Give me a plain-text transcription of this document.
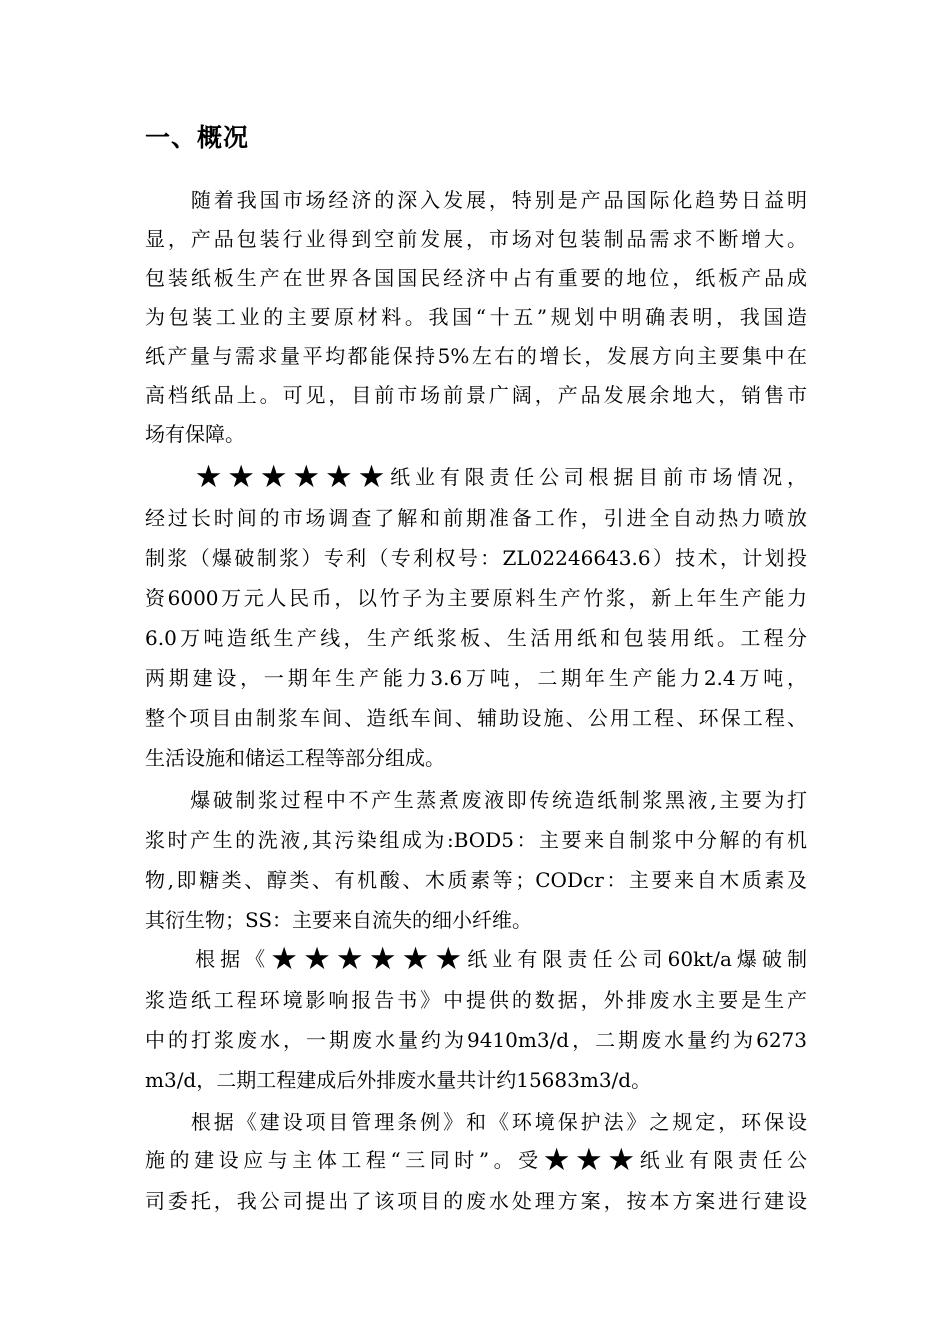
一、概况
　　随着我国市场经济的深入发展，特别是产品国际化趋势日益明
显，产品包装行业得到空前发展，市场对包装制品需求不断增大。
包装纸板生产在世界各国国民经济中占有重要的地位，纸板产品成
为包装工业的主要原材料。我国“十五”规划中明确表明，我国造
纸产量与需求量平均都能保持5%左右的增长，发展方向主要集中在
高档纸品上。可见，目前市场前景广阔，产品发展余地大，销售市
场有保障。
　　★★★★★★纸业有限责任公司根据目前市场情况，
经过长时间的市场调查了解和前期准备工作，引进全自动热力喷放
制浆（爆破制浆）专利（专利权号：ZL02246643.6）技术，计划投
资6000万元人民币，以竹子为主要原料生产竹浆，新上年生产能力
6.0万吨造纸生产线，生产纸浆板、生活用纸和包装用纸。工程分
两期建设，一期年生产能力3.6万吨，二期年生产能力2.4万吨，
整个项目由制浆车间、造纸车间、辅助设施、公用工程、环保工程、
生活设施和储运工程等部分组成。
　　爆破制浆过程中不产生蒸煮废液即传统造纸制浆黑液,主要为打
浆时产生的洗液,其污染组成为:BOD5：主要来自制浆中分解的有机
物,即糖类、醇类、有机酸、木质素等；CODcr：主要来自木质素及
其衍生物；SS：主要来自流失的细小纤维。
　　根据《★★★★★★纸业有限责任公司60kt/a爆破制
浆造纸工程环境影响报告书》中提供的数据，外排废水主要是生产
中的打浆废水，一期废水量约为9410m3/d，二期废水量约为6273
m3/d，二期工程建成后外排废水量共计约15683m3/d。
　　根据《建设项目管理条例》和《环境保护法》之规定，环保设
施的建设应与主体工程“三同时”。受★★★纸业有限责任公
司委托，我公司提出了该项目的废水处理方案，按本方案进行建设
